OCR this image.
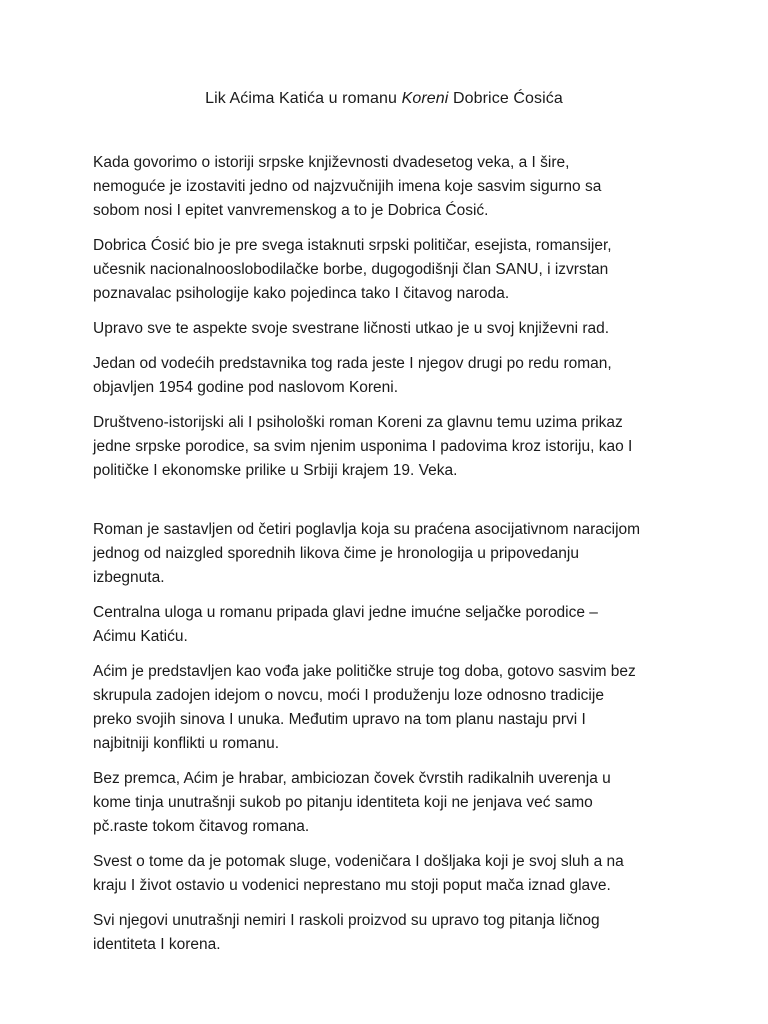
Lik Aćima Katića u romanu Koreni Dobrice Ćosića

Kada govorimo o istoriji srpske književnosti dvadesetog veka, a I šire,
nemoguće je izostaviti jedno od najzvučnijih imena koje sasvim sigurno sa
sobom nosi I epitet vanvremenskog a to je Dobrica Ćosić.

Dobrica Ćosić bio je pre svega istaknuti srpski političar, esejista, romansijer,
učesnik nacionalnooslobodilačke borbe, dugogodišnji član SANU, i izvrstan
poznavalac psihologije kako pojedinca tako I čitavog naroda.

Upravo sve te aspekte svoje svestrane ličnosti utkao je u svoj književni rad.

Jedan od vodećih predstavnika tog rada jeste I njegov drugi po redu roman,
objavljen 1954 godine pod naslovom Koreni.

Društveno-istorijski ali I psihološki roman Koreni za glavnu temu uzima prikaz
jedne srpske porodice, sa svim njenim usponima I padovima kroz istoriju, kao I
političke I ekonomske prilike u Srbiji krajem 19. Veka.

Roman je sastavljen od četiri poglavlja koja su praćena asocijativnom naracijom
jednog od naizgled sporednih likova čime je hronologija u pripovedanju
izbegnuta.

Centralna uloga u romanu pripada glavi jedne imućne seljačke porodice –
Aćimu Katiću.

Aćim je predstavljen kao vođa jake političke struje tog doba, gotovo sasvim bez
skrupula zadojen idejom o novcu, moći I produženju loze odnosno tradicije
preko svojih sinova I unuka. Međutim upravo na tom planu nastaju prvi I
najbitniji konflikti u romanu.

Bez premca, Aćim je hrabar, ambiciozan čovek čvrstih radikalnih uverenja u
kome tinja unutrašnji sukob po pitanju identiteta koji ne jenjava već samo
pč.raste tokom čitavog romana.

Svest o tome da je potomak sluge, vodeničara I došljaka koji je svoj sluh a na
kraju I život ostavio u vodenici neprestano mu stoji poput mača iznad glave.

Svi njegovi unutrašnji nemiri I raskoli proizvod su upravo tog pitanja ličnog
identiteta I korena.
